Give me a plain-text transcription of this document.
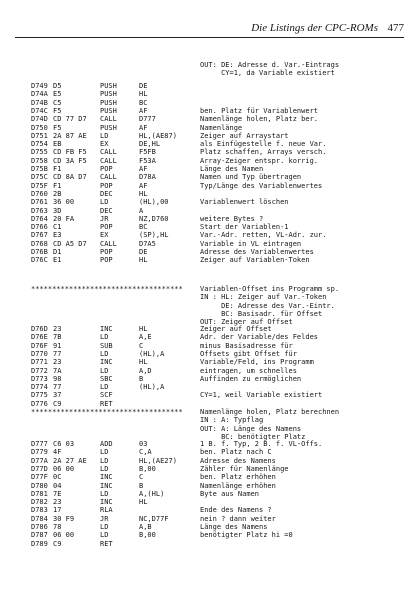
Die Listings der CPC-ROMs 477
OUT: DE: Adresse d. Var.-Eintrags
CY=1, da Variable existiert
D749 D5	PUSH	DE
D74A E5	PUSH	HL
D74B C5	PUSH	BC
D74C F5	PUSH	AF	ben. Platz für Variablenwert
D74D CD 77 D7 CALL	D777	Namenlänge holen, Platz ber.
D750 F5	PUSH	AF	Namenlänge
D751 2A 87 AE LD	HL,(AE87)	Zeiger auf Arraystart
D754 EB	EX	DE,HL	als Einfügestelle f. neue Var.
D755 CD FB F5 CALL	F5FB	Platz schaffen, Arrays versch.
D758 CD 3A F5 CALL	F53A	Array-Zeiger entspr. korrig.
D75B F1	POP	AF	Länge des Namen
D75C CD 8A D7 CALL	D78A	Namen und Typ übertragen
D75F F1	POP	AF	Typ/Länge des Variablenwertes
D760 2B	DEC	HL
D761 36 00	LD	(HL),00	Variablenwert löschen
D763 3D	DEC	A
D764 20 FA	JR	NZ,D760	weitere Bytes ?
D766 C1	POP	BC	Start der Variablen-1
D767 E3	EX	(SP),HL	Var.-Adr. retten, VL-Adr. zur.
D768 CD A5 D7 CALL	D7A5	Variable in VL eintragen
D76B D1	POP	DE	Adresse des Variablenwertes
D76C E1	POP	HL	Zeiger auf Variablen-Token
************************************ Variablen-Offset ins Programm sp.
IN : HL: Zeiger auf Var.-Token
DE: Adresse des Var.-Eintr.
BC: Basisadr. für Offset
OUT: Zeiger auf Offset
D76D 23	INC	HL	Zeiger auf Offset
D76E 7B	LD	A,E	Adr. der Variable/des Feldes
D76F 91	SUB	C	minus Basisadresse für
D770 77	LD	(HL),A	Offsets gibt Offset für
D771 23	INC	HL	Variable/Feld, ins Programm
D772 7A	LD	A,D	eintragen, um schnelles
D773 98	SBC	B	Auffinden zu ermöglichen
D774 77	LD	(HL),A
D775 37	SCF	CY=1, weil Variable existiert
D776 C9	RET
************************************ Namenlänge holen, Platz berechnen
IN : A: Typflag
OUT: A: Länge des Namens
BC: benötigter Platz
D777 C6 03	ADD	03	1 B. f. Typ, 2 B. f. VL-Offs.
D779 4F	LD	C,A	ben. Platz nach C
D77A 2A 27 AE LD	HL,(AE27)	Adresse des Namens
D77D 06 00	LD	B,00	Zähler für Namenlänge
D77F 0C	INC	C	ben. Platz erhöhen
D780 04	INC	B	Namenlänge erhöhen
D781 7E	LD	A,(HL)	Byte aus Namen
D782 23	INC	HL
D783 17	RLA	Ende des Namens ?
D784 30 F9	JR	NC,D77F	nein ? dann weiter
D786 78	LD	A,B	Länge des Namens
D787 06 00	LD	B,00	benötigter Platz hi =0
D789 C9	RET
